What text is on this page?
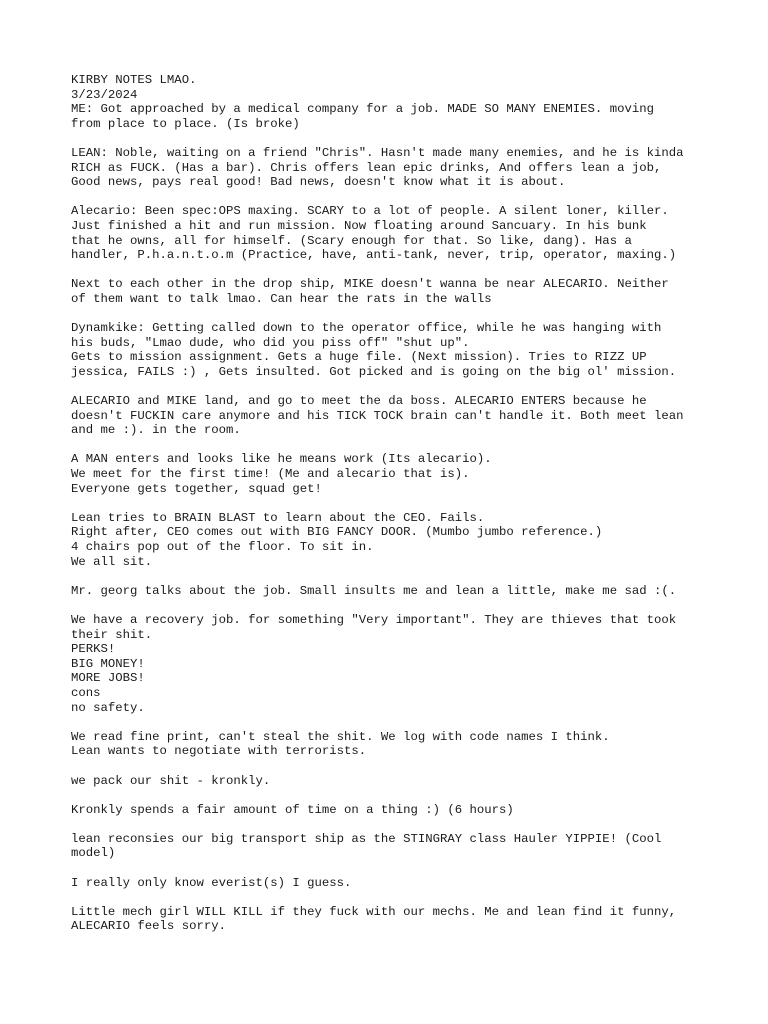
KIRBY NOTES LMAO.
3/23/2024
ME: Got approached by a medical company for a job. MADE SO MANY ENEMIES. moving
from place to place. (Is broke)
LEAN: Noble, waiting on a friend "Chris". Hasn't made many enemies, and he is kinda
RICH as FUCK. (Has a bar). Chris offers lean epic drinks, And offers lean a job,
Good news, pays real good! Bad news, doesn't know what it is about.
Alecario: Been spec:OPS maxing. SCARY to a lot of people. A silent loner, killer.
Just finished a hit and run mission. Now floating around Sancuary. In his bunk
that he owns, all for himself. (Scary enough for that. So like, dang). Has a
handler, P.h.a.n.t.o.m (Practice, have, anti-tank, never, trip, operator, maxing.)
Next to each other in the drop ship, MIKE doesn't wanna be near ALECARIO. Neither
of them want to talk lmao. Can hear the rats in the walls
Dynamkike: Getting called down to the operator office, while he was hanging with
his buds, "Lmao dude, who did you piss off" "shut up".
Gets to mission assignment. Gets a huge file. (Next mission). Tries to RIZZ UP
jessica, FAILS :) , Gets insulted. Got picked and is going on the big ol' mission.
ALECARIO and MIKE land, and go to meet the da boss. ALECARIO ENTERS because he
doesn't FUCKIN care anymore and his TICK TOCK brain can't handle it. Both meet lean
and me :). in the room.
A MAN enters and looks like he means work (Its alecario).
We meet for the first time! (Me and alecario that is).
Everyone gets together, squad get!
Lean tries to BRAIN BLAST to learn about the CEO. Fails.
Right after, CEO comes out with BIG FANCY DOOR. (Mumbo jumbo reference.)
4 chairs pop out of the floor. To sit in.
We all sit.
Mr. georg talks about the job. Small insults me and lean a little, make me sad :(.
We have a recovery job. for something "Very important". They are thieves that took
their shit.
PERKS!
BIG MONEY!
MORE JOBS!
cons
no safety.
We read fine print, can't steal the shit. We log with code names I think.
Lean wants to negotiate with terrorists.
we pack our shit - kronkly.
Kronkly spends a fair amount of time on a thing :) (6 hours)
lean reconsies our big transport ship as the STINGRAY class Hauler YIPPIE! (Cool
model)
I really only know everist(s) I guess.
Little mech girl WILL KILL if they fuck with our mechs. Me and lean find it funny,
ALECARIO feels sorry.
